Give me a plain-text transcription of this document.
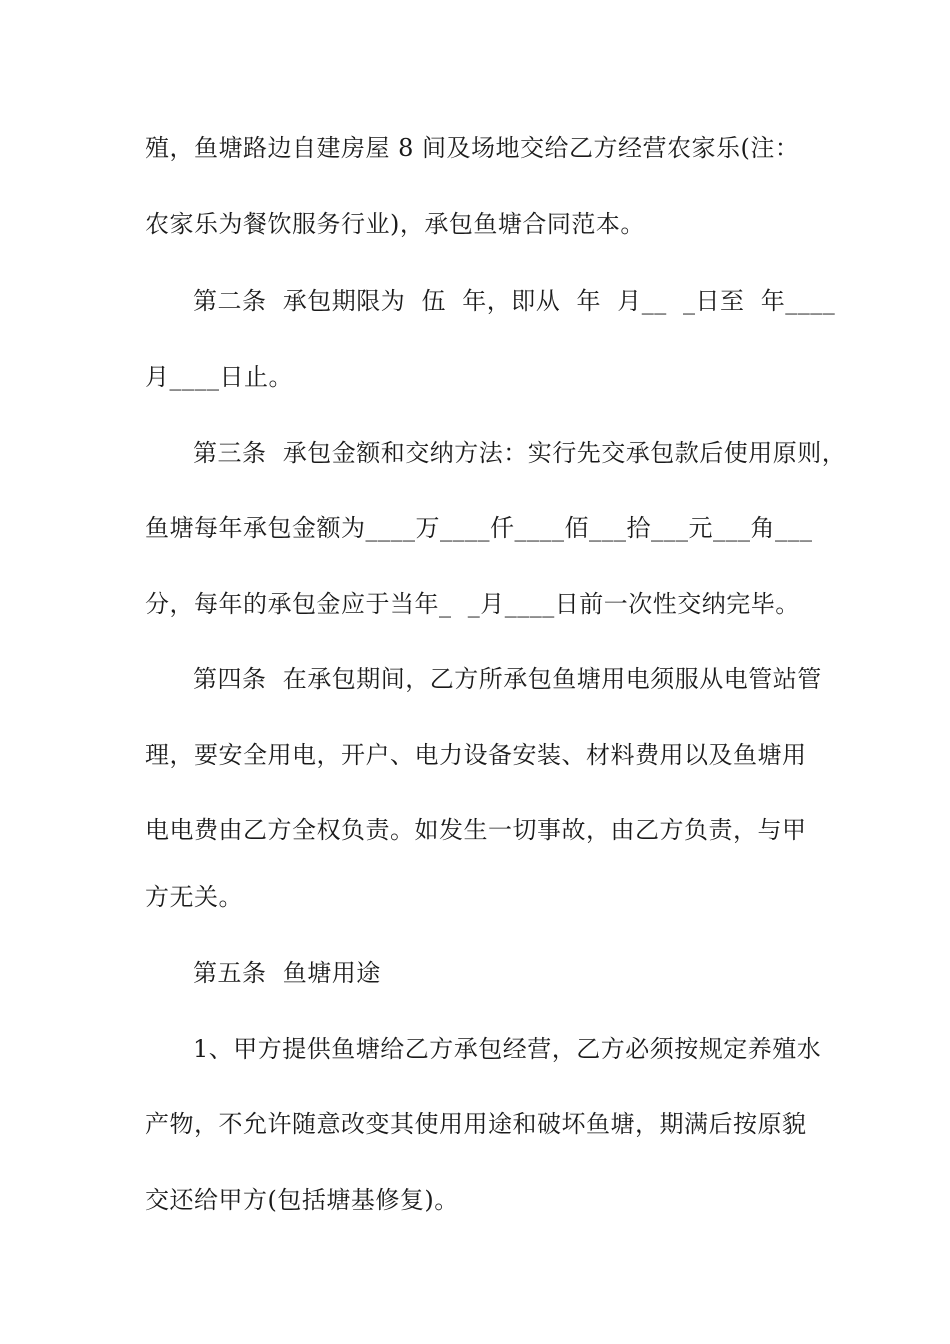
殖，鱼塘路边自建房屋 8 间及场地交给乙方经营农家乐(注：
农家乐为餐饮服务行业)，承包鱼塘合同范本。
第二条  承包期限为  伍  年，即从  年  月__  _日至  年____
月____日止。
第三条  承包金额和交纳方法：实行先交承包款后使用原则，
鱼塘每年承包金额为____万____仟____佰___拾___元___角___
分，每年的承包金应于当年_  _月____日前一次性交纳完毕。
第四条  在承包期间，乙方所承包鱼塘用电须服从电管站管
理，要安全用电，开户、电力设备安装、材料费用以及鱼塘用
电电费由乙方全权负责。如发生一切事故，由乙方负责，与甲
方无关。
第五条  鱼塘用途
1、甲方提供鱼塘给乙方承包经营，乙方必须按规定养殖水
产物，不允许随意改变其使用用途和破坏鱼塘，期满后按原貌
交还给甲方(包括塘基修复)。
